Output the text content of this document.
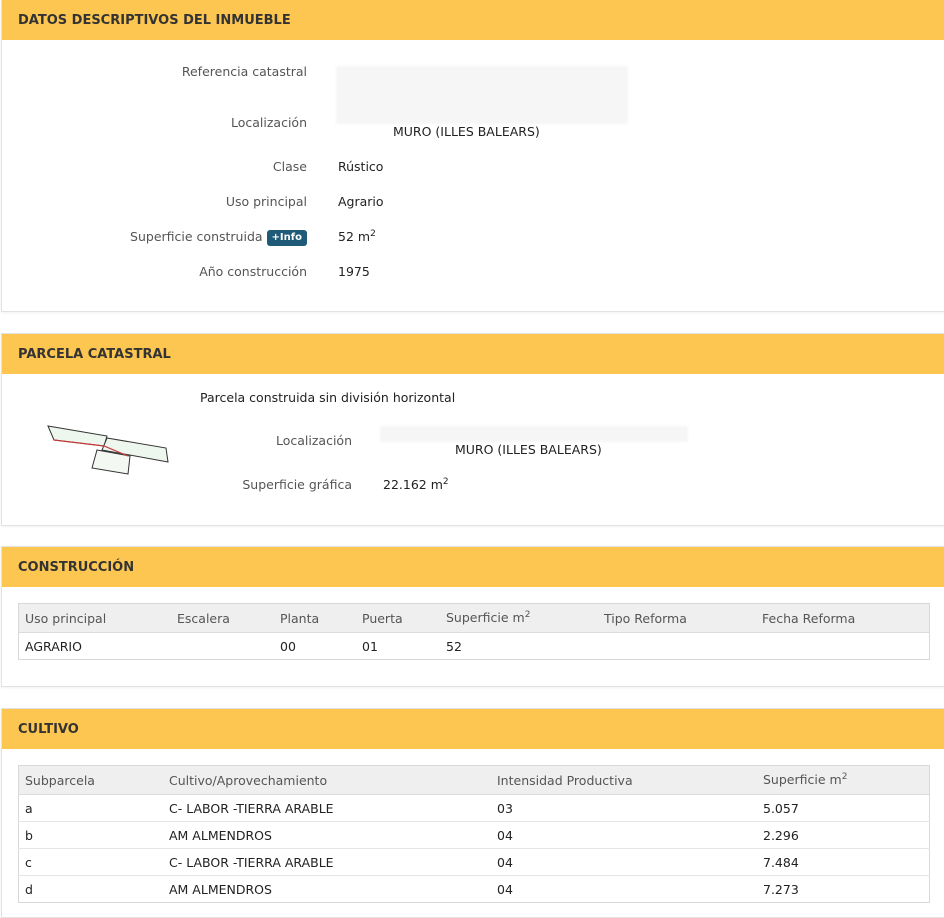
DATOS DESCRIPTIVOS DEL INMUEBLE
Referencia catastral
Localización
  MURO (ILLES BALEARS)
Clase Rústico
Uso principal Agrario
Superficie construida +Info	52 $m^2$
Año construcción 1975
PARCELA CATASTRAL
Parcela construida sin división horizontal
Localización
MURO (ILLES BALEARS)
Superficie gráfica 22.162 $m^2$
CONSTRUCCIÓN
Uso principal	Escalera	Planta	Puerta	Superficie $m^2$	Tipo Reforma	Fecha Reforma
AGRARIO		00	01	52		
CULTIVO
Subparcela	Cultivo/Aprovechamiento	Intensidad Productiva	Superficie $m^2$
a	C- LABOR -TIERRA ARABLE	03	5.057
b	AM ALMENDROS	04	2.296
c	C- LABOR -TIERRA ARABLE	04	7.484
d	AM ALMENDROS	04	7.273
